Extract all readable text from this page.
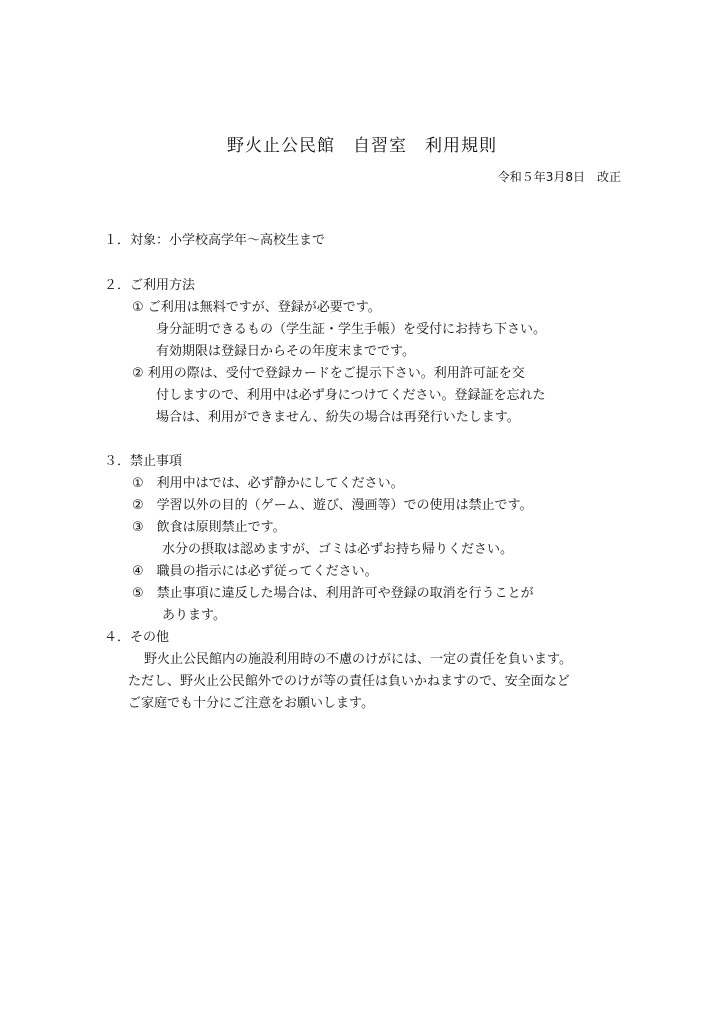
野火止公民館　自習室　利用規則
令和５年3月8日　改正
１．対象：小学校高学年～高校生まで
２．ご利用方法
① ご利用は無料ですが、登録が必要です。
身分証明できるもの（学生証・学生手帳）を受付にお持ち下さい。
有効期限は登録日からその年度末までです。
② 利用の際は、受付で登録カードをご提示下さい。利用許可証を交
付しますので、利用中は必ず身につけてください。登録証を忘れた
場合は、利用ができません、紛失の場合は再発行いたします。
３．禁止事項
①　利用中はでは、必ず静かにしてください。
②　学習以外の目的（ゲーム、遊び、漫画等）での使用は禁止です。
③　飲食は原則禁止です。
水分の摂取は認めますが、ゴミは必ずお持ち帰りください。
④　職員の指示には必ず従ってください。
⑤　禁止事項に違反した場合は、利用許可や登録の取消を行うことが
あります。
４．その他
野火止公民館内の施設利用時の不慮のけがには、一定の責任を負います。
ただし、野火止公民館外でのけが等の責任は負いかねますので、安全面など
ご家庭でも十分にご注意をお願いします。
